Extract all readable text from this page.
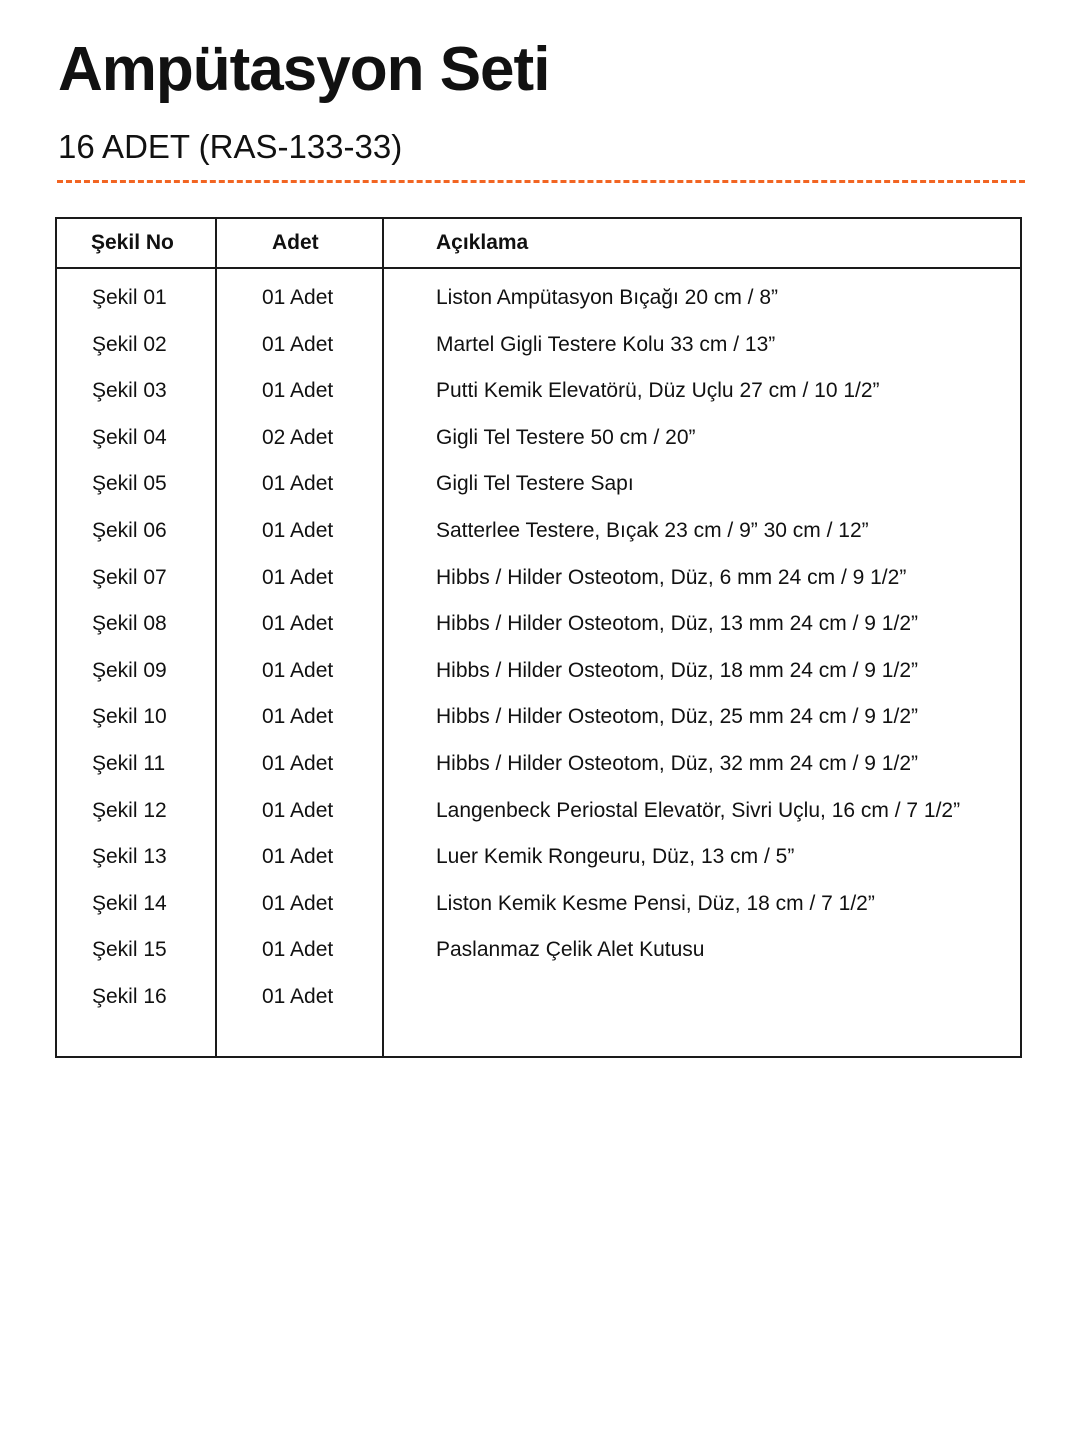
Ampütasyon Seti
16 ADET (RAS-133-33)
Şekil No	Adet	Açıklama
Şekil 01	01 Adet	Liston Ampütasyon Bıçağı 20 cm / 8”
Şekil 02	01 Adet	Martel Gigli Testere Kolu 33 cm / 13”
Şekil 03	01 Adet	Putti Kemik Elevatörü, Düz Uçlu 27 cm / 10 1/2”
Şekil 04	02 Adet	Gigli Tel Testere 50 cm / 20”
Şekil 05	01 Adet	Gigli Tel Testere Sapı
Şekil 06	01 Adet	Satterlee Testere, Bıçak 23 cm / 9” 30 cm / 12”
Şekil 07	01 Adet	Hibbs / Hilder Osteotom, Düz, 6 mm 24 cm / 9 1/2”
Şekil 08	01 Adet	Hibbs / Hilder Osteotom, Düz, 13 mm 24 cm / 9 1/2”
Şekil 09	01 Adet	Hibbs / Hilder Osteotom, Düz, 18 mm 24 cm / 9 1/2”
Şekil 10	01 Adet	Hibbs / Hilder Osteotom, Düz, 25 mm 24 cm / 9 1/2”
Şekil 11	01 Adet	Hibbs / Hilder Osteotom, Düz, 32 mm 24 cm / 9 1/2”
Şekil 12	01 Adet	Langenbeck Periostal Elevatör, Sivri Uçlu, 16 cm / 7 1/2”
Şekil 13	01 Adet	Luer Kemik Rongeuru, Düz, 13 cm / 5”
Şekil 14	01 Adet	Liston Kemik Kesme Pensi, Düz, 18 cm / 7 1/2”
Şekil 15	01 Adet	Paslanmaz Çelik Alet Kutusu
Şekil 16	01 Adet
